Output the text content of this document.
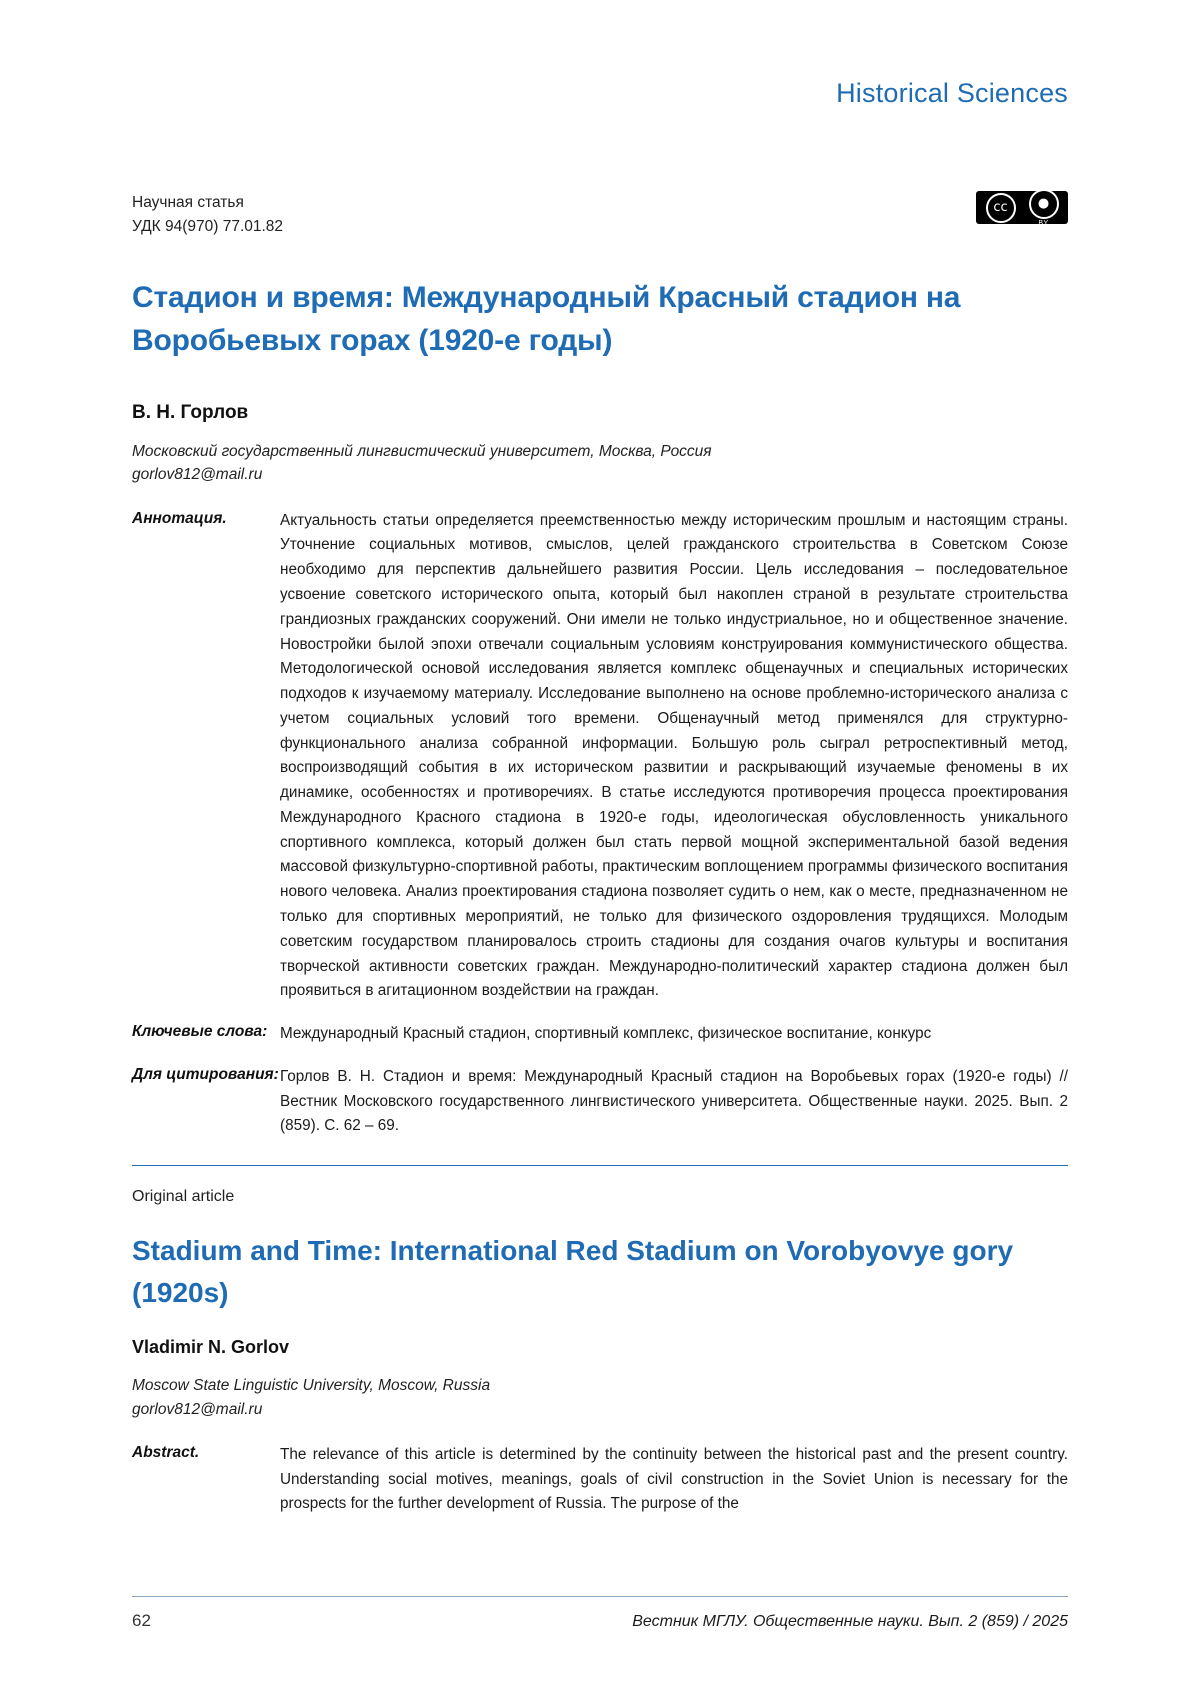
Historical Sciences
Научная статья
УДК 94(970) 77.01.82
cc	●
BY
Стадион и время: Международный Красный стадион на Воробьевых горах (1920-е годы)
В. Н. Горлов
Московский государственный лингвистический университет, Москва, Россия
gorlov812@mail.ru
Аннотация.	Актуальность статьи определяется преемственностью между историческим прошлым и настоящим страны. Уточнение социальных мотивов, смыслов, целей гражданского строительства в Советском Союзе необходимо для перспектив дальнейшего развития России. Цель исследования – последовательное усвоение советского исторического опыта, который был накоплен страной в результате строительства грандиозных гражданских сооружений. Они имели не только индустриальное, но и общественное значение. Новостройки былой эпохи отвечали социальным условиям конструирования коммунистического общества. Методологической основой исследования является комплекс общенаучных и специальных исторических подходов к изучаемому материалу. Исследование выполнено на основе проблемно-исторического анализа с учетом социальных условий того времени. Общенаучный метод применялся для структурно-функционального анализа собранной информации. Большую роль сыграл ретроспективный метод, воспроизводящий события в их историческом развитии и раскрывающий изучаемые феномены в их динамике, особенностях и противоречиях. В статье исследуются противоречия процесса проектирования Международного Красного стадиона в 1920-е годы, идеологическая обусловленность уникального спортивного комплекса, который должен был стать первой мощной экспериментальной базой ведения массовой физкультурно-спортивной работы, практическим воплощением программы физического воспитания нового человека. Анализ проектирования стадиона позволяет судить о нем, как о месте, предназначенном не только для спортивных мероприятий, не только для физического оздоровления трудящихся. Молодым советским государством планировалось строить стадионы для создания очагов культуры и воспитания творческой активности советских граждан. Международно-политический характер стадиона должен был проявиться в агитационном воздействии на граждан.
Ключевые слова: Международный Красный стадион, спортивный комплекс, физическое воспитание, конкурс
Для цитирования: Горлов В. Н. Стадион и время: Международный Красный стадион на Воробьевых горах (1920-е годы) // Вестник Московского государственного лингвистического университета. Общественные науки. 2025. Вып. 2 (859). С. 62 – 69.
Original article
Stadium and Time: International Red Stadium on Vorobyovye gory (1920s)
Vladimir N. Gorlov
Moscow State Linguistic University, Moscow, Russia
gorlov812@mail.ru
Abstract.	The relevance of this article is determined by the continuity between the historical past and the present country. Understanding social motives, meanings, goals of civil construction in the Soviet Union is necessary for the prospects for the further development of Russia. The purpose of the
62	Вестник МГЛУ. Общественные науки. Вып. 2 (859) / 2025
